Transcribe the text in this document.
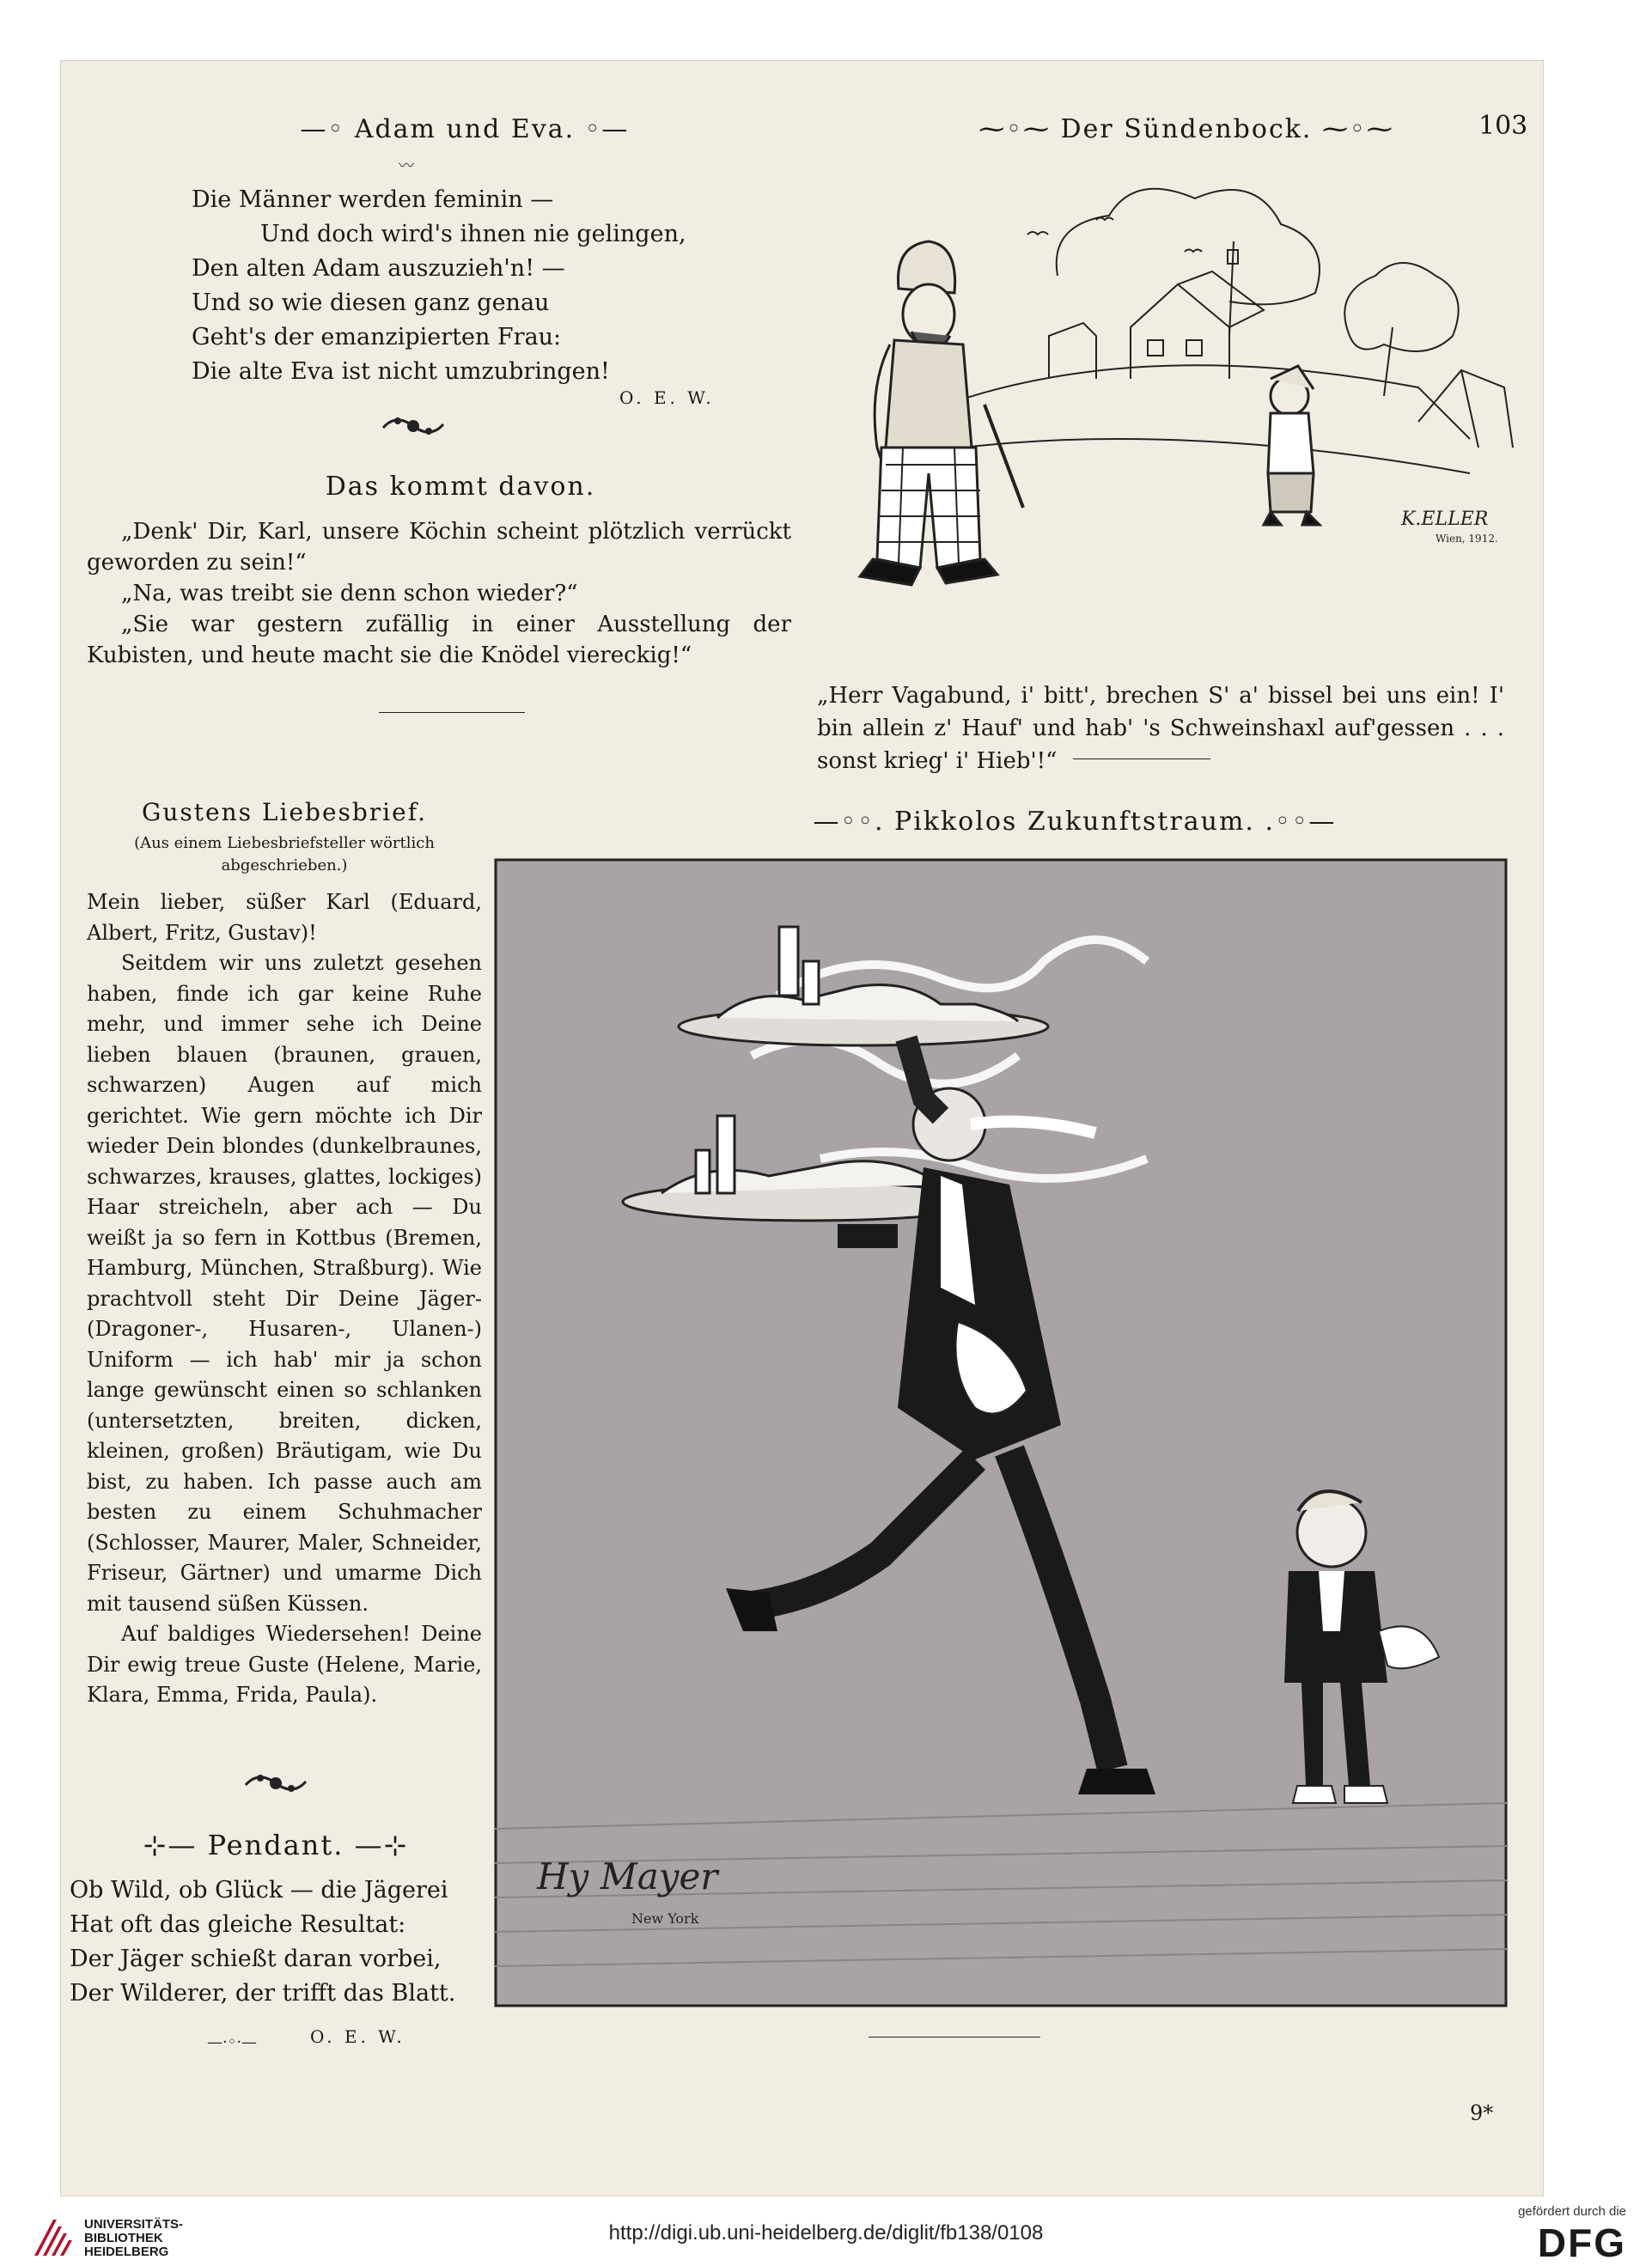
—◦ Adam und Eva. ◦—
〰
Die Männer werden feminin —
Und doch wird's ihnen nie gelingen,
Den alten Adam auszuzieh'n! —
Und so wie diesen ganz genau
Geht's der emanzipierten Frau:
Die alte Eva ist nicht umzubringen!
O. E. W.
Das kommt davon.

„Denk' Dir, Karl, unsere Köchin scheint plötzlich verrückt geworden zu sein!“

„Na, was treibt sie denn schon wieder?“

„Sie war gestern zufällig in einer Ausstellung der Kubisten, und heute macht sie die Knödel viereckig!“

⁓◦⁓ Der Sündenbock. ⁓◦⁓	103
K.ELLER
Wien, 1912.
„Herr Vagabund, i' bitt', brechen S' a' bissel bei uns ein! I' bin allein z' Hauf' und hab' 's Schweinshaxl auf'gessen . . . sonst krieg' i' Hieb'!“
Gustens Liebesbrief.
(Aus einem Liebesbriefsteller wörtlich abgeschrieben.)

Mein lieber, süßer Karl (Eduard, Albert, Fritz, Gustav)!

Seitdem wir uns zuletzt gesehen haben, finde ich gar keine Ruhe mehr, und immer sehe ich Deine lieben blauen (braunen, grauen, schwarzen) Augen auf mich gerichtet. Wie gern möchte ich Dir wieder Dein blondes (dunkelbraunes, schwarzes, krauses, glattes, lockiges) Haar streicheln, aber ach — Du weißt ja so fern in Kottbus (Bremen, Hamburg, München, Straßburg). Wie prachtvoll steht Dir Deine Jäger- (Dragoner-, Husaren-, Ulanen-) Uniform — ich hab' mir ja schon lange gewünscht einen so schlanken (untersetzten, breiten, dicken, kleinen, großen) Bräutigam, wie Du bist, zu haben. Ich passe auch am besten zu einem Schuhmacher (Schlosser, Maurer, Maler, Schneider, Friseur, Gärtner) und umarme Dich mit tausend süßen Küssen.

Auf baldiges Wiedersehen! Deine Dir ewig treue Guste (Helene, Marie, Klara, Emma, Frida, Paula).

⊹— Pendant. —⊹
Ob Wild, ob Glück — die Jägerei
Hat oft das gleiche Resultat:
Der Jäger schießt daran vorbei,
Der Wilderer, der trifft das Blatt.
—·◦·—	O. E. W.
—◦◦. Pikkolos Zukunftstraum. .◦◦—
Hy Mayer
New York
9*
UNIVERSITÄTS-
BIBLIOTHEK
HEIDELBERG
http://digi.ub.uni-heidelberg.de/diglit/fb138/0108
gefördert durch die
DFG
